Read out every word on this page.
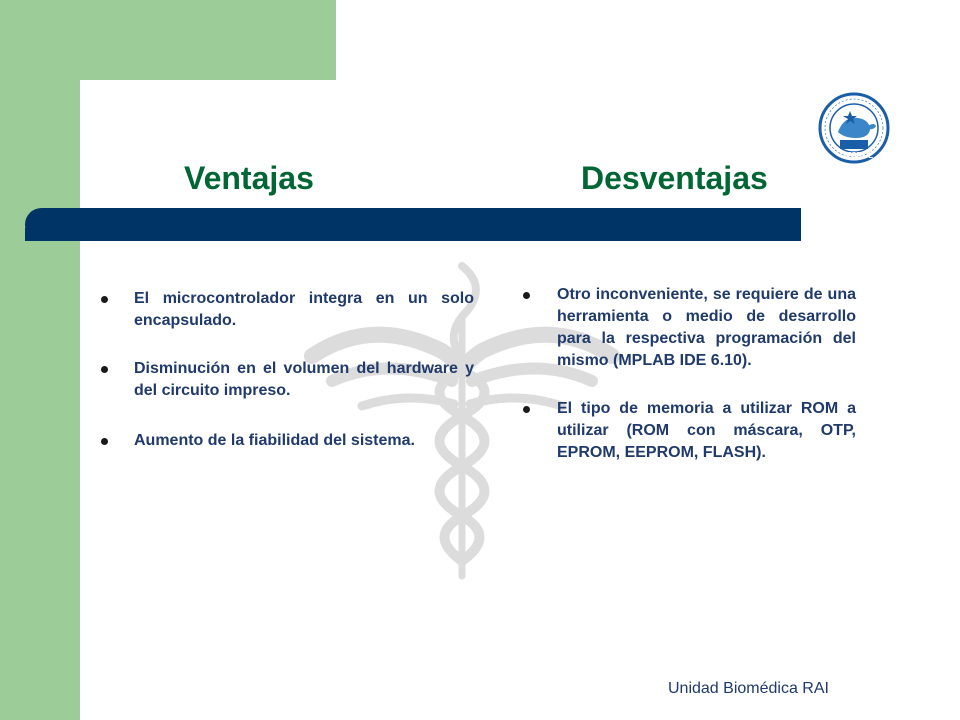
Ventajas	Desventajas
ESPOL
El microcontrolador integra en un solo encapsulado.
Disminución en el volumen del hardware y del circuito impreso.
Aumento de la fiabilidad del sistema.
Otro inconveniente, se requiere de una herramienta o medio de desarrollo para la respectiva programación del mismo (MPLAB IDE 6.10).
El tipo de memoria a utilizar ROM a utilizar (ROM con máscara, OTP, EPROM, EEPROM, FLASH).
Unidad Biomédica RAI
